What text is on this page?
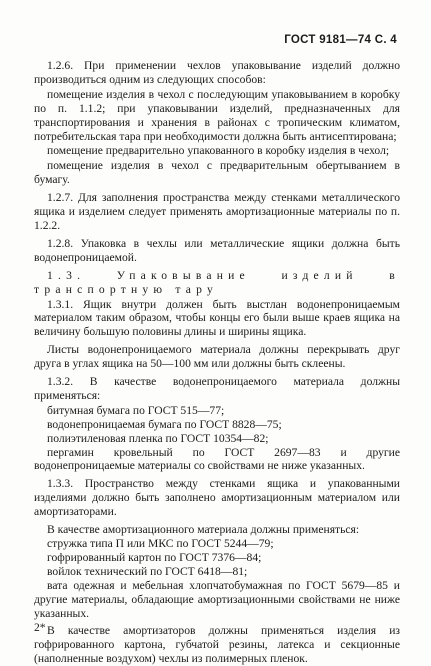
ГОСТ 9181—74 С. 4

1.2.6. При применении чехлов упаковывание изделий должно производиться одним из следующих способов:

помещение изделия в чехол с последующим упаковыванием в коробку по п. 1.1.2; при упаковывании изделий, предназначенных для транспортирования и хранения в районах с тропическим климатом, потребительская тара при необходимости должна быть антисептирована;

помещение предварительно упакованного в коробку изделия в чехол;

помещение изделия в чехол с предварительным обертыванием в бумагу.

1.2.7. Для заполнения пространства между стенками металлического ящика и изделием следует применять амортизационные материалы по п. 1.2.2.

1.2.8. Упаковка в чехлы или металлические ящики должна быть водонепроницаемой.

1.3. Упаковывание изделий в транспортную тару

1.3.1. Ящик внутри должен быть выстлан водонепроницаемым материалом таким образом, чтобы концы его были выше краев ящика на величину большую половины длины и ширины ящика.

Листы водонепроницаемого материала должны перекрывать друг друга в углах ящика на 50—100 мм или должны быть склеены.

1.3.2. В качестве водонепроницаемого материала должны применяться:

битумная бумага по ГОСТ 515—77;

водонепроницаемая бумага по ГОСТ 8828—75;

полиэтиленовая пленка по ГОСТ 10354—82;

пергамин кровельный по ГОСТ 2697—83 и другие водонепроницаемые материалы со свойствами не ниже указанных.

1.3.3. Пространство между стенками ящика и упакованными изделиями должно быть заполнено амортизационным материалом или амортизаторами.

В качестве амортизационного материала должны применяться:

стружка типа П или МКС по ГОСТ 5244—79;

гофрированный картон по ГОСТ 7376—84;

войлок технический по ГОСТ 6418—81;

вата одежная и мебельная хлопчатобумажная по ГОСТ 5679—85 и другие материалы, обладающие амортизационными свойствами не ниже указанных.

В качестве амортизаторов должны применяться изделия из гофрированного картона, губчатой резины, латекса и секционные (наполненные воздухом) чехлы из полимерных пленок.

2*
